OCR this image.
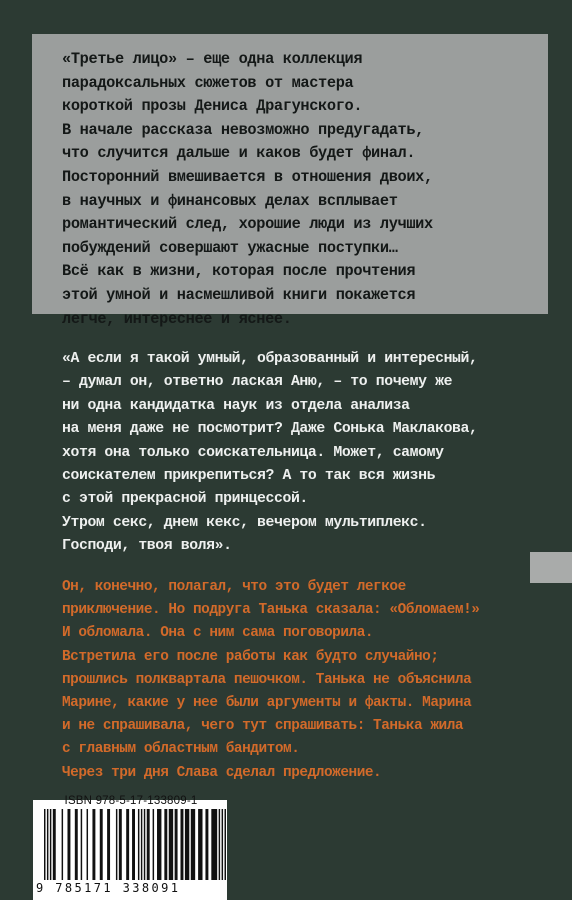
«Третье лицо» – еще одна коллекция
парадоксальных сюжетов от мастера
короткой прозы Дениса Драгунского.
В начале рассказа невозможно предугадать,
что случится дальше и каков будет финал.
Посторонний вмешивается в отношения двоих,
в научных и финансовых делах всплывает
романтический след, хорошие люди из лучших
побуждений совершают ужасные поступки…
Всё как в жизни, которая после прочтения
этой умной и насмешливой книги покажется
легче, интереснее и яснее.
«А если я такой умный, образованный и интересный,
– думал он, ответно лаская Аню, – то почему же
ни одна кандидатка наук из отдела анализа
на меня даже не посмотрит? Даже Сонька Маклакова,
хотя она только соискательница. Может, самому
соискателем прикрепиться? А то так вся жизнь
с этой прекрасной принцессой.
Утром секс, днем кекс, вечером мультиплекс.
Господи, твоя воля».
Он, конечно, полагал, что это будет легкое
приключение. Но подруга Танька сказала: «Обломаем!»
И обломала. Она с ним сама поговорила.
Встретила его после работы как будто случайно;
прошлись полквартала пешочком. Танька не объяснила
Марине, какие у нее были аргументы и факты. Марина
и не спрашивала, чего тут спрашивать: Танька жила
с главным областным бандитом.
Через три дня Слава сделал предложение.
ISBN 978-5-17-133809-1
9 785171 338091
